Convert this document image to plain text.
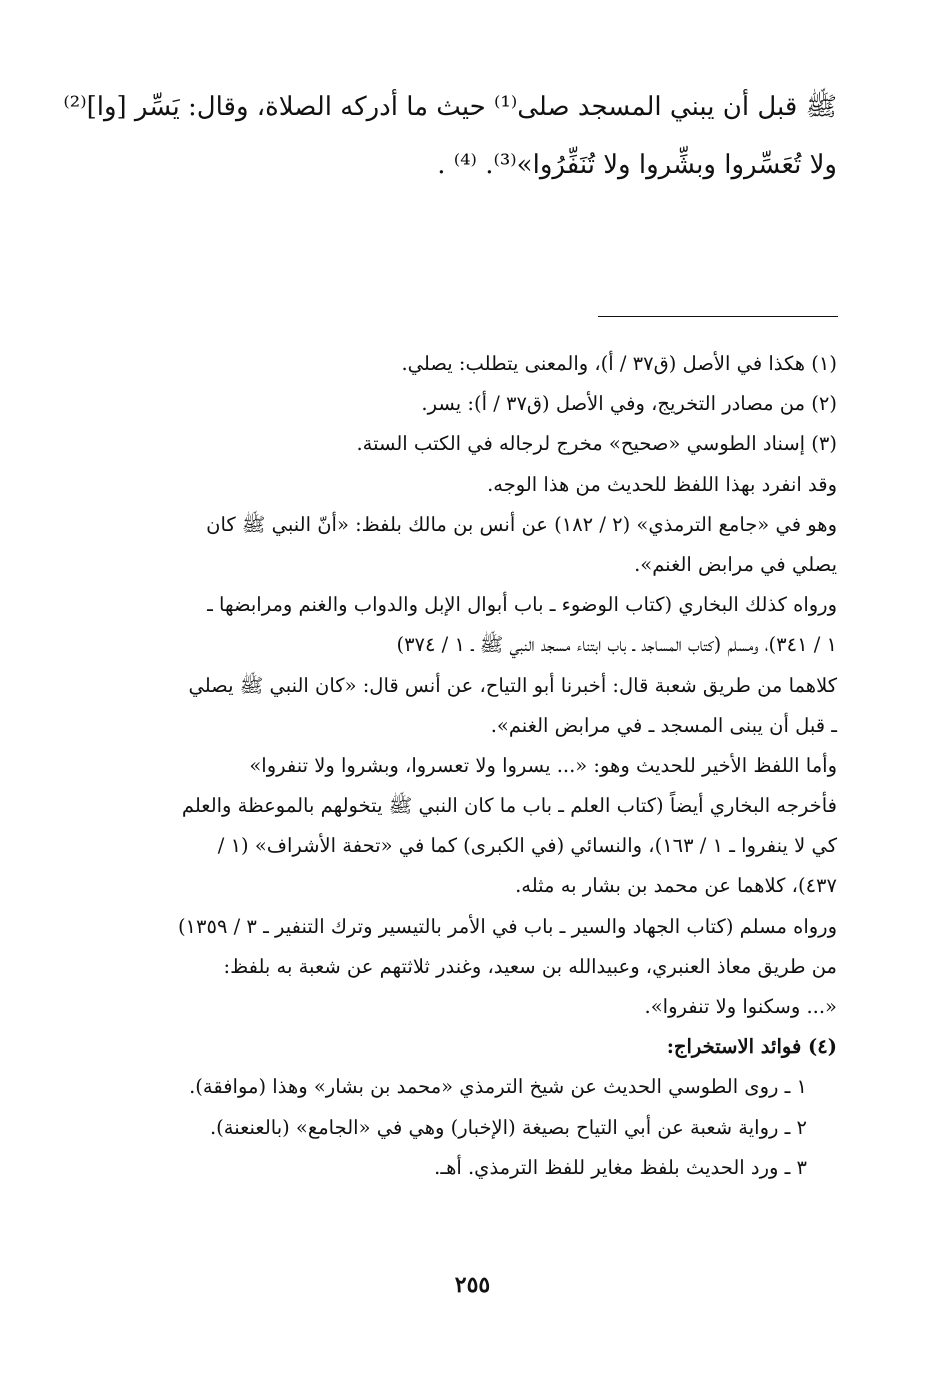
ﷺ قبل أن يبني المسجد صلى⁽¹⁾ حيث ما أدركه الصلاة، وقال: يَسِّر [وا]⁽²⁾
ولا تُعَسِّروا وبشِّروا ولا تُنَفِّرُوا»⁽³⁾. ⁽⁴⁾ .
(١) هكذا في الأصل (ق٣٧ / أ)، والمعنى يتطلب: يصلي.
(٢) من مصادر التخريج، وفي الأصل (ق٣٧ / أ): يسر.
(٣) إسناد الطوسي «صحيح» مخرج لرجاله في الكتب الستة.
وقد انفرد بهذا اللفظ للحديث من هذا الوجه.
وهو في «جامع الترمذي» (٢ / ١٨٢) عن أنس بن مالك بلفظ: «أنّ النبي ﷺ كان
يصلي في مرابض الغنم».
ورواه كذلك البخاري (كتاب الوضوء ـ باب أبوال الإبل والدواب والغنم ومرابضها ـ
١ / ٣٤١)، ومسلم (كتاب المساجد ـ باب ابتناء مسجد النبي ﷺ ـ ١ / ٣٧٤)
كلاهما من طريق شعبة قال: أخبرنا أبو التياح، عن أنس قال: «كان النبي ﷺ يصلي
ـ قبل أن يبنى المسجد ـ في مرابض الغنم».
وأما اللفظ الأخير للحديث وهو: «... يسروا ولا تعسروا، وبشروا ولا تنفروا»
فأخرجه البخاري أيضاً (كتاب العلم ـ باب ما كان النبي ﷺ يتخولهم بالموعظة والعلم
كي لا ينفروا ـ ١ / ١٦٣)، والنسائي (في الكبرى) كما في «تحفة الأشراف» (١ /
٤٣٧)، كلاهما عن محمد بن بشار به مثله.
ورواه مسلم (كتاب الجهاد والسير ـ باب في الأمر بالتيسير وترك التنفير ـ ٣ / ١٣٥٩)
من طريق معاذ العنبري، وعبيدالله بن سعيد، وغندر ثلاثتهم عن شعبة به بلفظ:
«... وسكنوا ولا تنفروا».
(٤) فوائد الاستخراج:
١ ـ روى الطوسي الحديث عن شيخ الترمذي «محمد بن بشار» وهذا (موافقة).
٢ ـ رواية شعبة عن أبي التياح بصيغة (الإخبار) وهي في «الجامع» (بالعنعنة).
٣ ـ ورد الحديث بلفظ مغاير للفظ الترمذي. أهـ.
٢٥٥
